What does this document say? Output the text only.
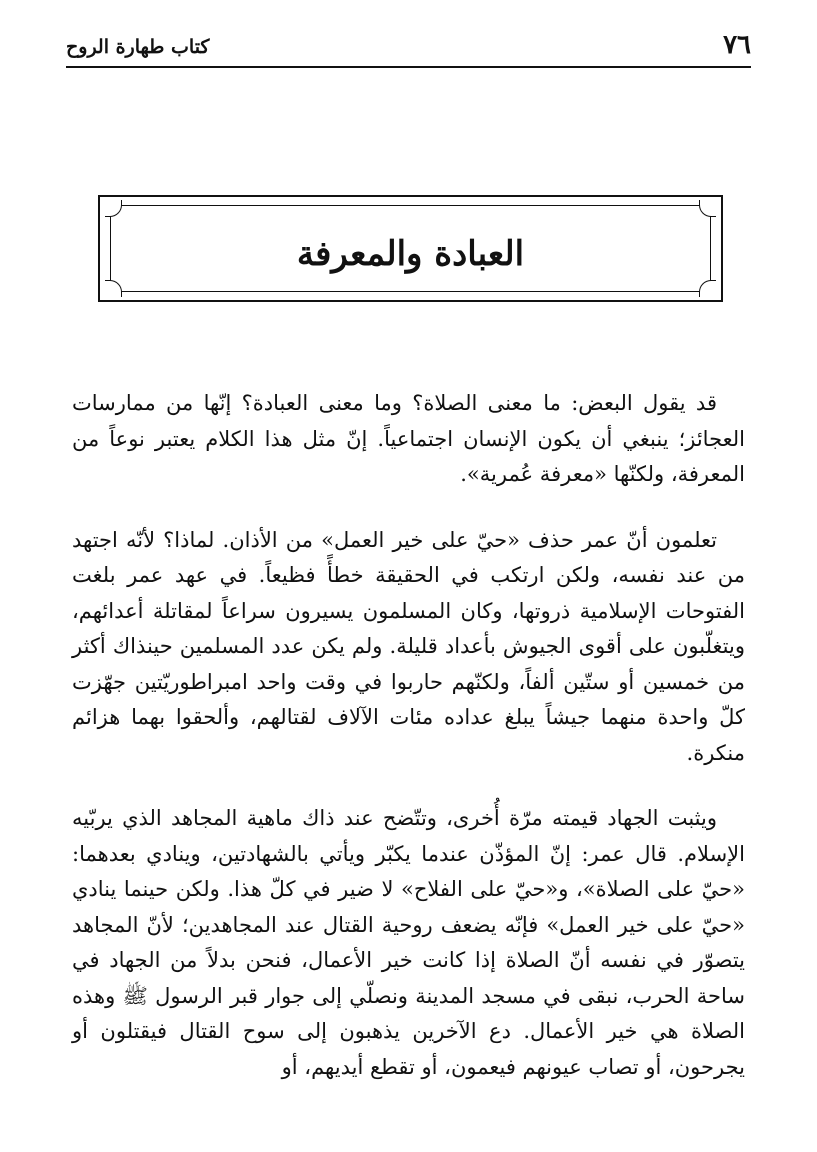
٧٦
كتاب طهارة الروح
العبادة والمعرفة

قد يقول البعض: ما معنى الصلاة؟ وما معنى العبادة؟ إنّها من ممارسات العجائز؛ ينبغي أن يكون الإنسان اجتماعياً. إنّ مثل هذا الكلام يعتبر نوعاً من المعرفة، ولكنّها «معرفة عُمرية».

تعلمون أنّ عمر حذف «حيّ على خير العمل» من الأذان. لماذا؟ لأنّه اجتهد من عند نفسه، ولكن ارتكب في الحقيقة خطأً فظيعاً. في عهد عمر بلغت الفتوحات الإسلامية ذروتها، وكان المسلمون يسيرون سراعاً لمقاتلة أعدائهم، ويتغلّبون على أقوى الجيوش بأعداد قليلة. ولم يكن عدد المسلمين حينذاك أكثر من خمسين أو ستّين ألفاً، ولكنّهم حاربوا في وقت واحد امبراطوريّتين جهّزت كلّ واحدة منهما جيشاً يبلغ عداده مئات الآلاف لقتالهم، وألحقوا بهما هزائم منكرة.

ويثبت الجهاد قيمته مرّة أُخرى، وتتّضح عند ذاك ماهية المجاهد الذي يربّيه الإسلام. قال عمر: إنّ المؤذّن عندما يكبّر ويأتي بالشهادتين، وينادي بعدهما: «حيّ على الصلاة»، و«حيّ على الفلاح» لا ضير في كلّ هذا. ولكن حينما ينادي «حيّ على خير العمل» فإنّه يضعف روحية القتال عند المجاهدين؛ لأنّ المجاهد يتصوّر في نفسه أنّ الصلاة إذا كانت خير الأعمال، فنحن بدلاً من الجهاد في ساحة الحرب، نبقى في مسجد المدينة ونصلّي إلى جوار قبر الرسول ﷺ وهذه الصلاة هي خير الأعمال. دع الآخرين يذهبون إلى سوح القتال فيقتلون أو يجرحون، أو تصاب عيونهم فيعمون، أو تقطع أيديهم، أو
